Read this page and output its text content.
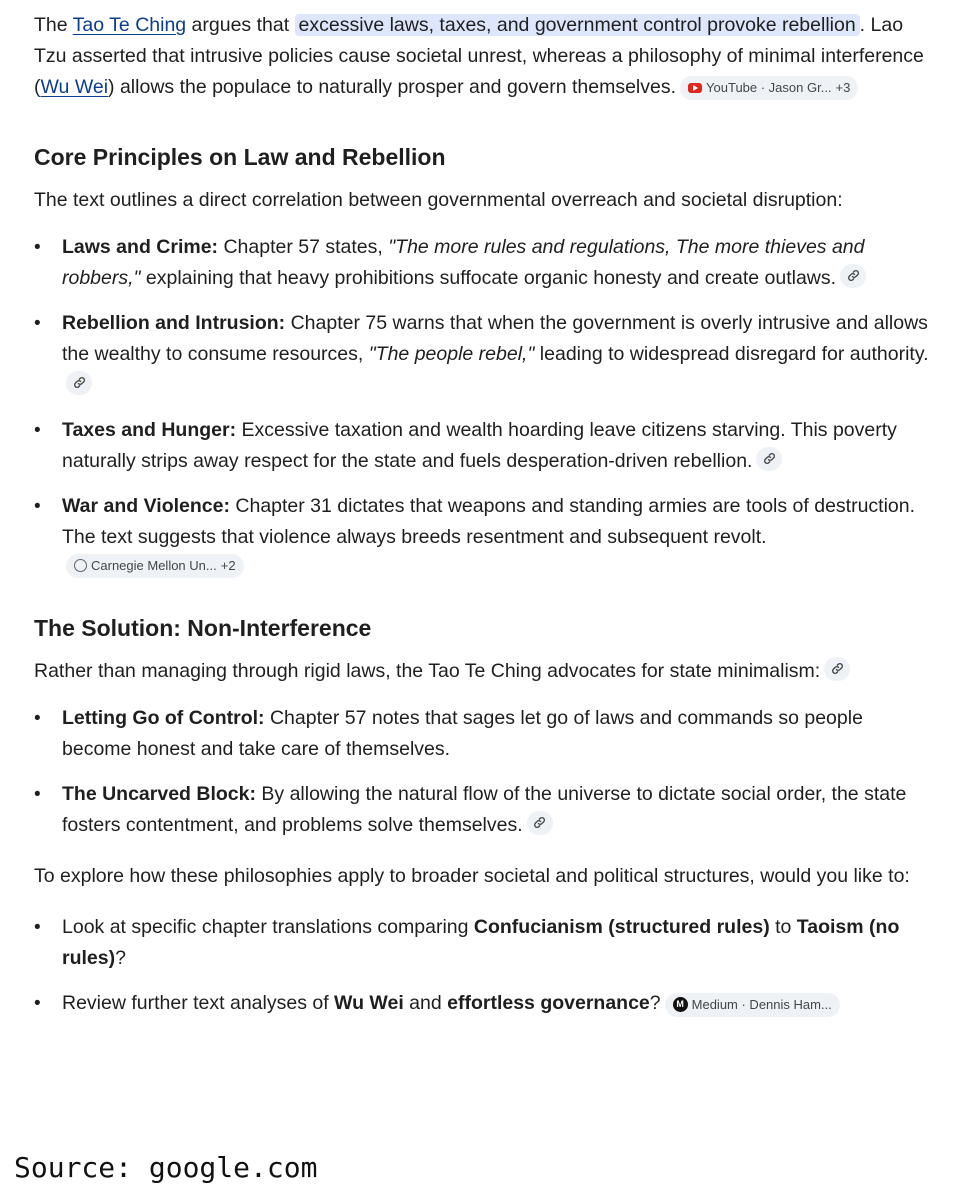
The Tao Te Ching argues that excessive laws, taxes, and government control provoke rebellion . Lao Tzu asserted that intrusive policies cause societal unrest, whereas a philosophy of minimal interference (Wu Wei) allows the populace to naturally prosper and govern themselves. YouTube · Jason Gr... +3

Core Principles on Law and Rebellion

The text outlines a direct correlation between governmental overreach and societal disruption:

• Laws and Crime: Chapter 57 states, "The more rules and regulations, The more thieves and robbers," explaining that heavy prohibitions suffocate organic honesty and create outlaws.
• Rebellion and Intrusion: Chapter 75 warns that when the government is overly intrusive and allows the wealthy to consume resources, "The people rebel," leading to widespread disregard for authority.
• Taxes and Hunger: Excessive taxation and wealth hoarding leave citizens starving. This poverty naturally strips away respect for the state and fuels desperation-driven rebellion.
• War and Violence: Chapter 31 dictates that weapons and standing armies are tools of destruction. The text suggests that violence always breeds resentment and subsequent revolt.
Carnegie Mellon Un... +2
The Solution: Non-Interference

Rather than managing through rigid laws, the Tao Te Ching advocates for state minimalism:

• Letting Go of Control: Chapter 57 notes that sages let go of laws and commands so people become honest and take care of themselves.
• The Uncarved Block: By allowing the natural flow of the universe to dictate social order, the state fosters contentment, and problems solve themselves.

To explore how these philosophies apply to broader societal and political structures, would you like to:

• Look at specific chapter translations comparing Confucianism (structured rules) to Taoism (no rules)?
• Review further text analyses of Wu Wei and effortless governance?	M Medium · Dennis Ham...
Source: google.com
